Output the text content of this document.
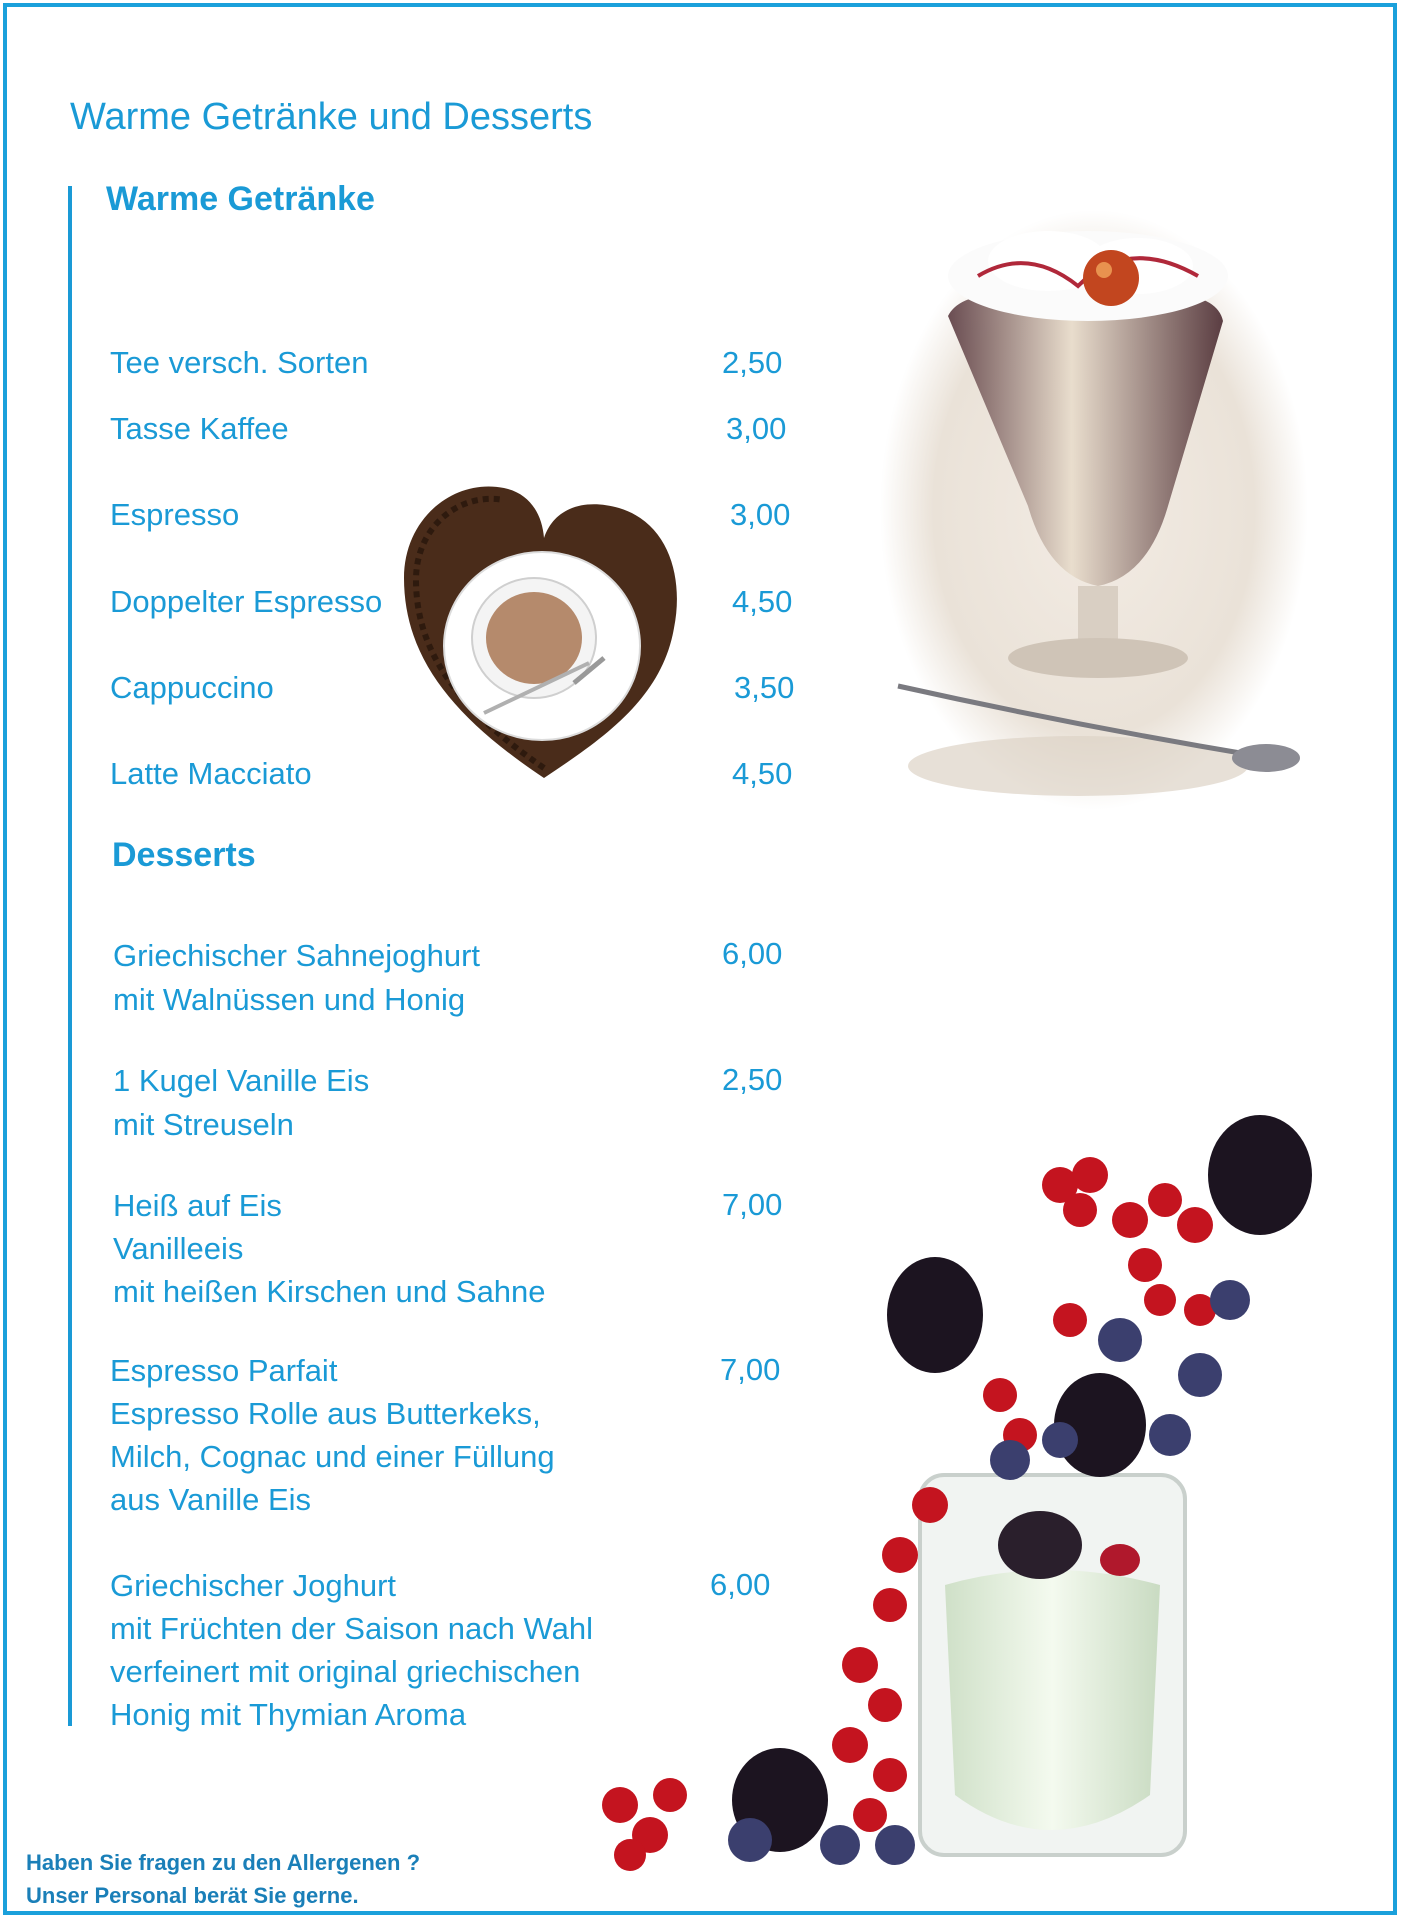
Warme Getränke und Desserts
Warme Getränke
Tee versch. Sorten	2,50
Tasse Kaffee	3,00
Espresso	3,00
Doppelter Espresso	4,50
Cappuccino	3,50
Latte Macciato	4,50
Desserts
Griechischer Sahnejoghurt
mit Walnüssen und Honig
6,00
1 Kugel Vanille Eis
mit Streuseln
2,50
Heiß auf Eis
Vanilleeis
mit heißen Kirschen und Sahne
7,00
Espresso Parfait
Espresso Rolle aus Butterkeks,
Milch, Cognac und einer Füllung
aus Vanille Eis
7,00
Griechischer Joghurt
mit Früchten der Saison nach Wahl
verfeinert mit original griechischen
Honig mit Thymian Aroma
6,00
Haben Sie fragen zu den Allergenen ?
Unser Personal berät Sie gerne.
